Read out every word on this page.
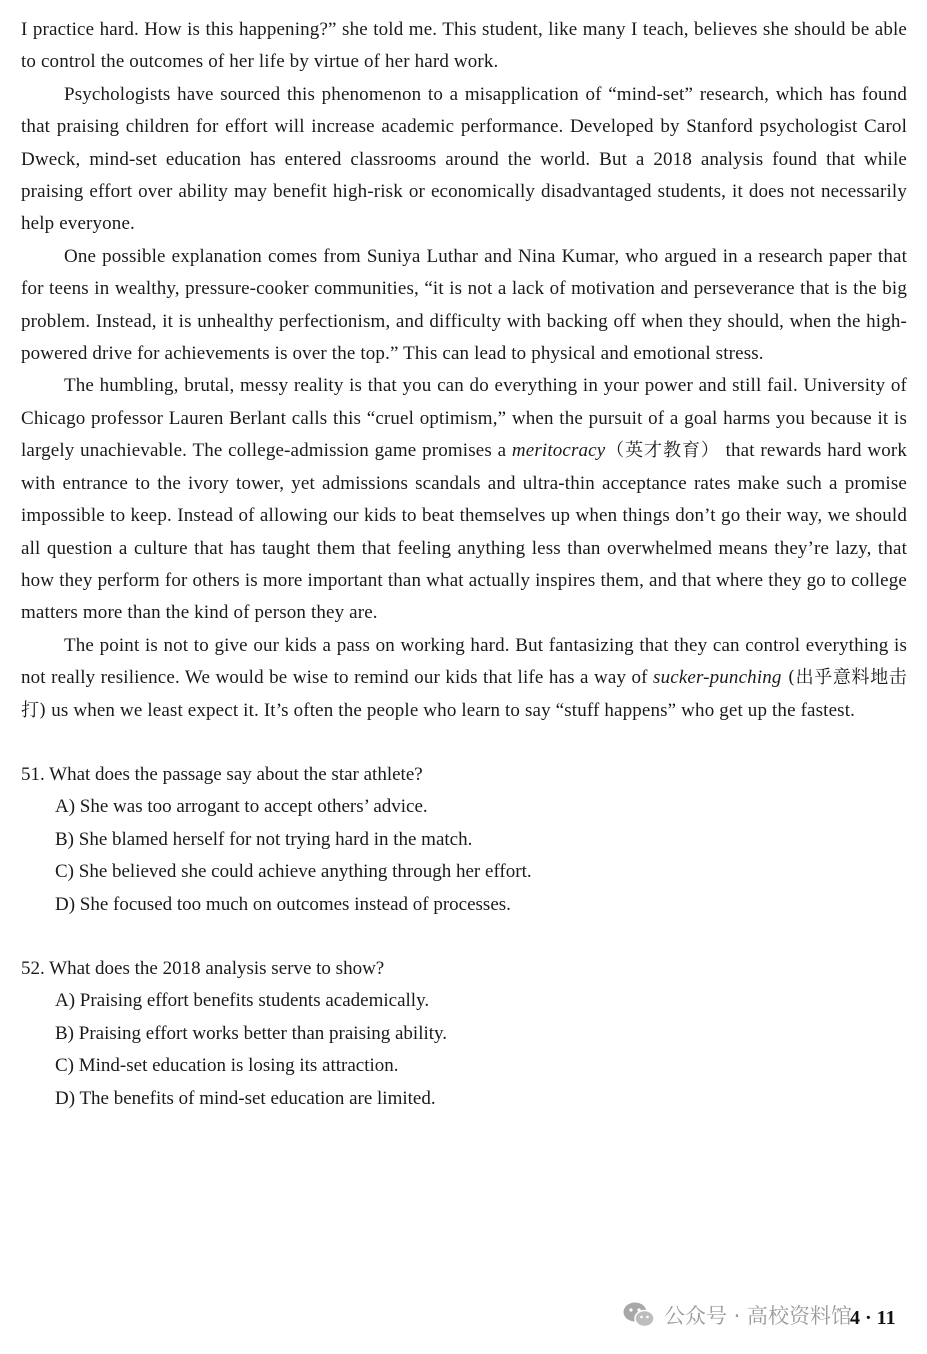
I practice hard. How is this happening?” she told me. This student, like many I teach, believes she should be able to control the outcomes of her life by virtue of her hard work.

Psychologists have sourced this phenomenon to a misapplication of “mind-set” research, which has found that praising children for effort will increase academic performance. Developed by Stanford psychologist Carol Dweck, mind-set education has entered classrooms around the world. But a 2018 analysis found that while praising effort over ability may benefit high-risk or economically disadvantaged students, it does not necessarily help everyone.

One possible explanation comes from Suniya Luthar and Nina Kumar, who argued in a research paper that for teens in wealthy, pressure-cooker communities, “it is not a lack of motivation and perseverance that is the big problem. Instead, it is unhealthy perfectionism, and difficulty with backing off when they should, when the high-powered drive for achievements is over the top.” This can lead to physical and emotional stress.

The humbling, brutal, messy reality is that you can do everything in your power and still fail. University of Chicago professor Lauren Berlant calls this “cruel optimism,” when the pursuit of a goal harms you because it is largely unachievable. The college-admission game promises a meritocracy（英才教育） that rewards hard work with entrance to the ivory tower, yet admissions scandals and ultra-thin acceptance rates make such a promise impossible to keep. Instead of allowing our kids to beat themselves up when things don’t go their way, we should all question a culture that has taught them that feeling anything less than overwhelmed means they’re lazy, that how they perform for others is more important than what actually inspires them, and that where they go to college matters more than the kind of person they are.

The point is not to give our kids a pass on working hard. But fantasizing that they can control everything is not really resilience. We would be wise to remind our kids that life has a way of sucker-punching (出乎意料地击打) us when we least expect it. It’s often the people who learn to say “stuff happens” who get up the fastest.

51. What does the passage say about the star athlete?

A) She was too arrogant to accept others’ advice.

B) She blamed herself for not trying hard in the match.

C) She believed she could achieve anything through her effort.

D) She focused too much on outcomes instead of processes.

52. What does the 2018 analysis serve to show?

A) Praising effort benefits students academically.

B) Praising effort works better than praising ability.

C) Mind-set education is losing its attraction.

D) The benefits of mind-set education are limited.

公众号 · 高校资料馆
4 · 11
